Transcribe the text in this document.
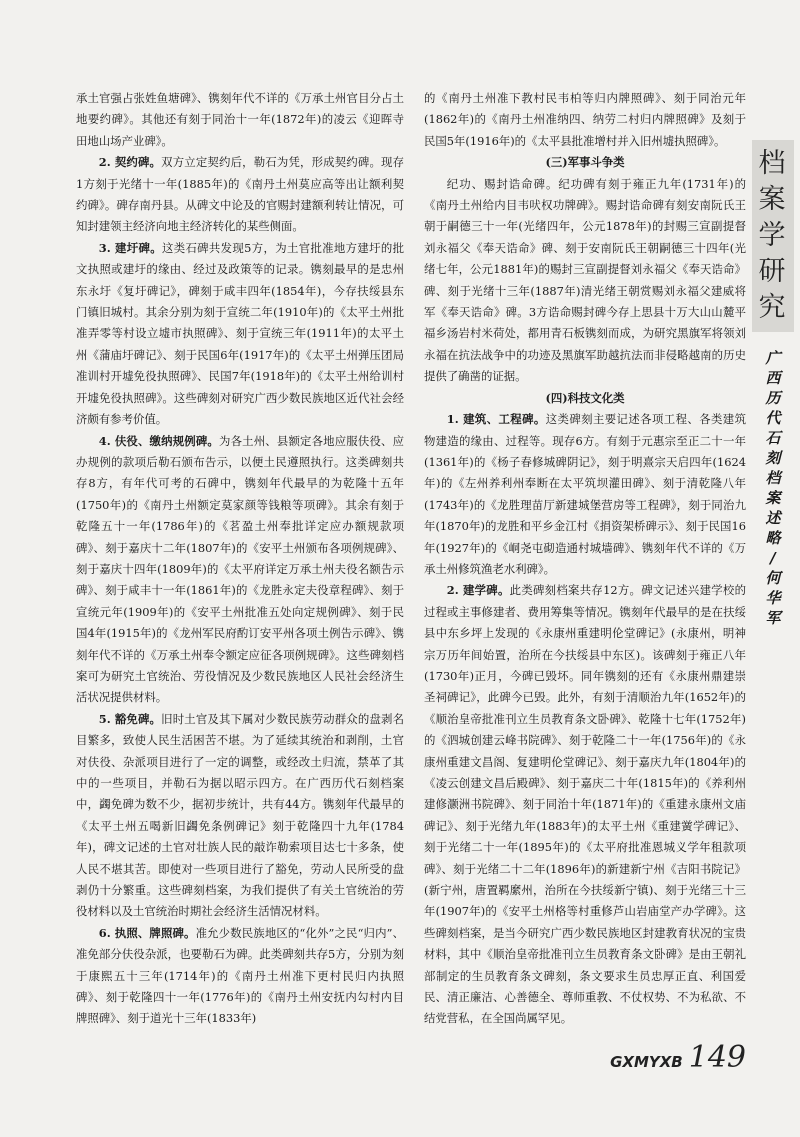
承土官强占张姓鱼塘碑》、镌刻年代不详的《万承土州官目分占土地要约碑》。其他还有刻于同治十一年(1872年)的凌云《迎晖寺田地山场产业碑》。

2. 契约碑。双方立定契约后，勒石为凭，形成契约碑。现存1方刻于光绪十一年(1885年)的《南丹土州莫应高等出让额利契约碑》。碑存南丹县。从碑文中论及的官赐封建额利转让情况，可知封建领主经济向地主经济转化的某些侧面。

3. 建圩碑。这类石碑共发现5方，为土官批准地方建圩的批文执照或建圩的缘由、经过及政策等的记录。镌刻最早的是忠州东永圩《复圩碑记》，碑刻于咸丰四年(1854年)，今存扶绥县东门镇旧城村。其余分别为刻于宣统二年(1910年)的《太平土州批准弄零等村设立墟市执照碑》、刻于宣统三年(1911年)的太平土州《蒲庙圩碑记》、刻于民国6年(1917年)的《太平土州弹压团局准训村开墟免役执照碑》、民国7年(1918年)的《太平土州给训村开墟免役执照碑》。这些碑刻对研究广西少数民族地区近代社会经济颇有参考价值。

4. 伕役、缴纳规例碑。为各土州、县额定各地应服伕役、应办规例的款项后勒石颁布告示，以便土民遵照执行。这类碑刻共存8方，有年代可考的石碑中，镌刻年代最早的为乾隆十五年(1750年)的《南丹土州额定莫家颜等钱粮等项碑》。其余有刻于乾隆五十一年(1786年)的《茗盈土州奉批详定应办额规款项碑》、刻于嘉庆十二年(1807年)的《安平土州颁布各项例规碑》、刻于嘉庆十四年(1809年)的《太平府详定万承土州夫役名额告示碑》、刻于咸丰十一年(1861年)的《龙胜永定夫役章程碑》、刻于宣统元年(1909年)的《安平土州批准五处向定规例碑》、刻于民国4年(1915年)的《龙州军民府酌订安平州各项土例告示碑》、镌刻年代不详的《万承土州奉令额定应征各项例规碑》。这些碑刻档案可为研究土官统治、劳役情况及少数民族地区人民社会经济生活状况提供材料。

5. 豁免碑。旧时土官及其下属对少数民族劳动群众的盘剥名目繁多，致使人民生活困苦不堪。为了延续其统治和剥削，土官对伕役、杂派项目进行了一定的调整，或经改土归流，禁革了其中的一些项目，并勒石为据以昭示四方。在广西历代石刻档案中，蠲免碑为数不少，据初步统计，共有44方。镌刻年代最早的《太平土州五喝新旧蠲免条例碑记》刻于乾隆四十九年(1784年)，碑文记述的土官对壮族人民的敲诈勒索项目达七十多条，使人民不堪其苦。即使对一些项目进行了豁免，劳动人民所受的盘剥仍十分繁重。这些碑刻档案，为我们提供了有关土官统治的劳役材料以及土官统治时期社会经济生活情况材料。

6. 执照、牌照碑。准允少数民族地区的“化外”之民“归内”、准免部分伕役杂派，也要勒石为碑。此类碑刻共存5方，分别为刻于康熙五十三年(1714年)的《南丹土州准下更村民归内执照碑》、刻于乾隆四十一年(1776年)的《南丹土州安抚内勾村内目牌照碑》、刻于道光十三年(1833年)

的《南丹土州准下教村民韦柏等归内牌照碑》、刻于同治元年(1862年)的《南丹土州准纳四、纳劳二村归内牌照碑》及刻于民国5年(1916年)的《太平县批准增村并入旧州墟执照碑》。

(三)军事斗争类

纪功、赐封诰命碑。纪功碑有刻于雍正九年(1731年)的《南丹土州给内目韦吠权功牌碑》。赐封诰命碑有刻安南阮氏王朝于嗣德三十一年(光绪四年，公元1878年)的封赐三宣副提督刘永福父《奉天诰命》碑、刻于安南阮氏王朝嗣德三十四年(光绪七年，公元1881年)的赐封三宣副提督刘永福父《奉天诰命》碑、刻于光绪十三年(1887年)清光绪王朝赏赐刘永福父建威将军《奉天诰命》碑。3方诰命赐封碑今存上思县十万大山山麓平福乡汤岩村米荷处，都用青石板镌刻而成，为研究黑旗军将领刘永福在抗法战争中的功迹及黑旗军助越抗法而非侵略越南的历史提供了确凿的证据。

(四)科技文化类

1. 建筑、工程碑。这类碑刻主要记述各项工程、各类建筑物建造的缘由、过程等。现存6方。有刻于元惠宗至正二十一年(1361年)的《杨子春修城碑阴记》，刻于明熹宗天启四年(1624年)的《左州养利州奉断在太平筑坝灌田碑》、刻于清乾隆八年(1743年)的《龙胜理苗厅新建城堡营房等工程碑》，刻于同治九年(1870年)的龙胜和平乡金江村《捐资架桥碑示》、刻于民国16年(1927年)的《峒尧屯砌造通村城墙碑》、镌刻年代不详的《万承土州修筑渔老水利碑》。

2. 建学碑。此类碑刻档案共存12方。碑文记述兴建学校的过程或主事修建者、费用筹集等情况。镌刻年代最早的是在扶绥县中东乡坪上发现的《永康州重建明伦堂碑记》(永康州，明神宗万历年间始置，治所在今扶绥县中东区)。该碑刻于雍正八年(1730年)正月，今碑已毁坏。同年镌刻的还有《永康州鼎建崇圣祠碑记》，此碑今已毁。此外，有刻于清顺治九年(1652年)的《顺治皇帝批准刊立生员教育条文卧碑》、乾隆十七年(1752年)的《泗城创建云峰书院碑》、刻于乾隆二十一年(1756年)的《永康州重建文昌阁、复建明伦堂碑记》、刻于嘉庆九年(1804年)的《凌云创建文昌后殿碑》、刻于嘉庆二十年(1815年)的《养利州建修灏洲书院碑》、刻于同治十年(1871年)的《重建永康州文庙碑记》、刻于光绪九年(1883年)的太平土州《重建黉学碑记》、刻于光绪二十一年(1895年)的《太平府批准恩城义学年租款项碑》、刻于光绪二十二年(1896年)的新建新宁州《吉阳书院记》(新宁州，唐置羁縻州，治所在今扶绥新宁镇)、刻于光绪三十三年(1907年)的《安平土州格等村重修芦山岩庙堂产办学碑》。这些碑刻档案，是当今研究广西少数民族地区封建教育状况的宝贵材料，其中《顺治皇帝批准刊立生员教育条文卧碑》是由王朝礼部制定的生员教育条文碑刻，条文要求生员忠厚正直、利国爱民、清正廉洁、心善德全、尊师重教、不仗权势、不为私欲、不结党营私，在全国尚属罕见。

档
案
学
研
究
广
西
历
代
石
刻
档
案
述
略
/
何
华
军
GXMYXB 149
